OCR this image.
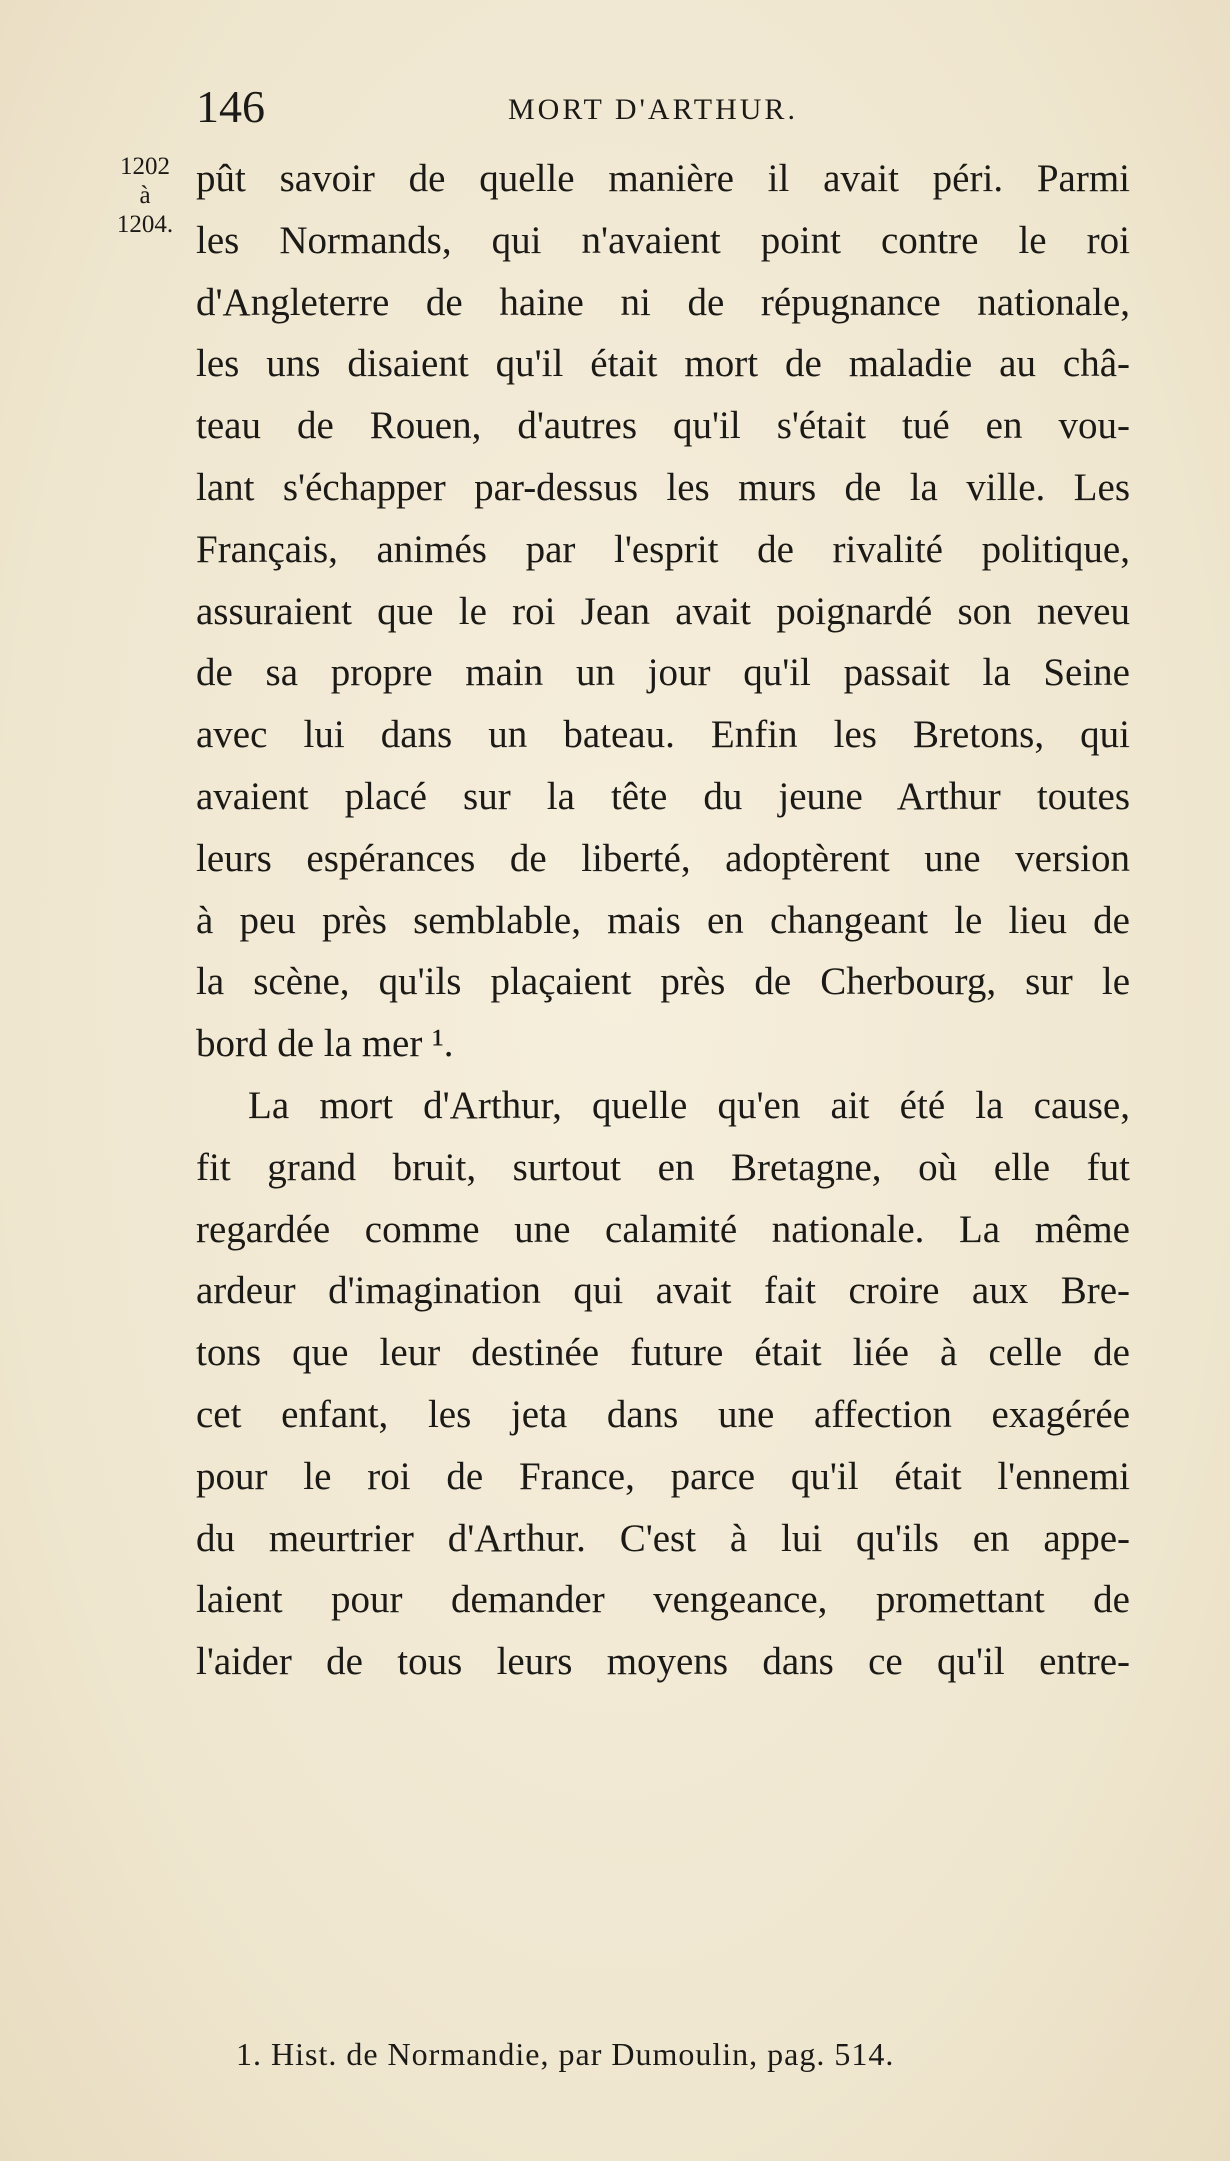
146	MORT D'ARTHUR.
1202
à
1204.
pût savoir de quelle manière il avait péri. Parmi
les Normands, qui n'avaient point contre le roi
d'Angleterre de haine ni de répugnance nationale,
les uns disaient qu'il était mort de maladie au châ-
teau de Rouen, d'autres qu'il s'était tué en vou-
lant s'échapper par-dessus les murs de la ville. Les
Français, animés par l'esprit de rivalité politique,
assuraient que le roi Jean avait poignardé son neveu
de sa propre main un jour qu'il passait la Seine
avec lui dans un bateau. Enfin les Bretons, qui
avaient placé sur la tête du jeune Arthur toutes
leurs espérances de liberté, adoptèrent une version
à peu près semblable, mais en changeant le lieu de
la scène, qu'ils plaçaient près de Cherbourg, sur le
bord de la mer ¹.
La mort d'Arthur, quelle qu'en ait été la cause,
fit grand bruit, surtout en Bretagne, où elle fut
regardée comme une calamité nationale. La même
ardeur d'imagination qui avait fait croire aux Bre-
tons que leur destinée future était liée à celle de
cet enfant, les jeta dans une affection exagérée
pour le roi de France, parce qu'il était l'ennemi
du meurtrier d'Arthur. C'est à lui qu'ils en appe-
laient pour demander vengeance, promettant de
l'aider de tous leurs moyens dans ce qu'il entre-
1. Hist. de Normandie, par Dumoulin, pag. 514.
